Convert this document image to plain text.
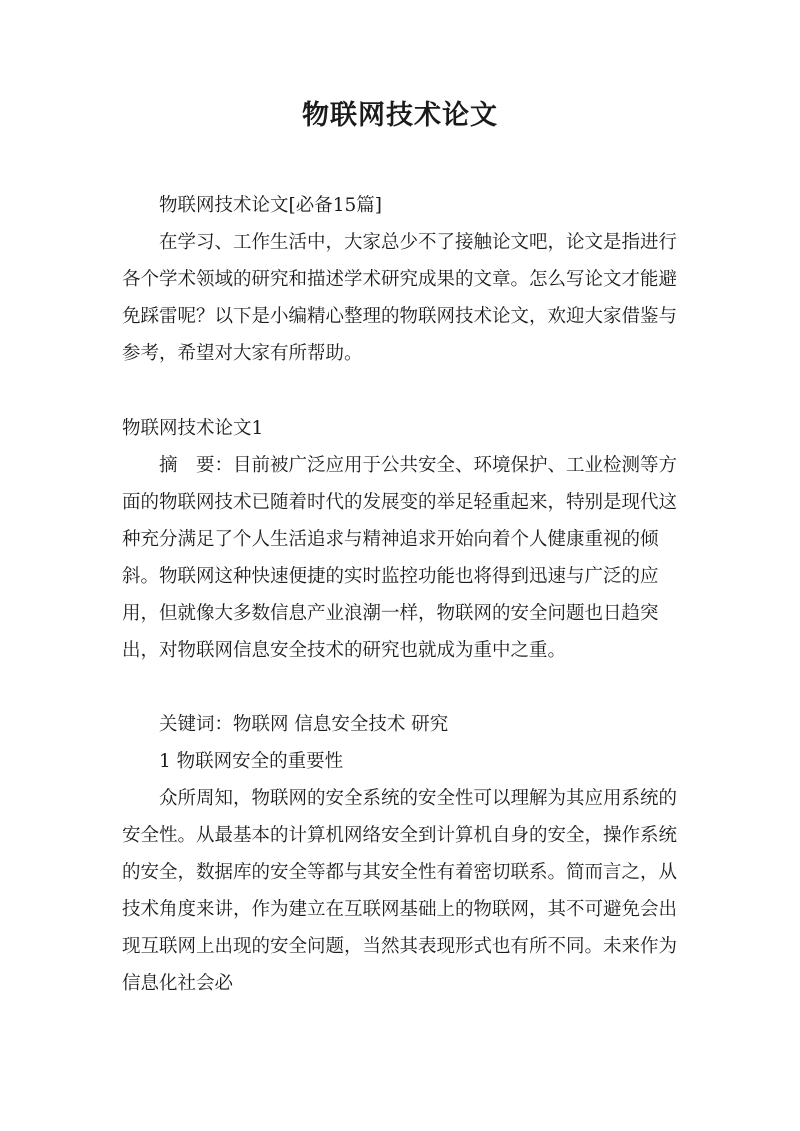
物联网技术论文

物联网技术论文[必备15篇]

在学习、工作生活中，大家总少不了接触论文吧，论文是指进行各个学术领域的研究和描述学术研究成果的文章。怎么写论文才能避免踩雷呢？以下是小编精心整理的物联网技术论文，欢迎大家借鉴与参考，希望对大家有所帮助。

物联网技术论文1

摘　要：目前被广泛应用于公共安全、环境保护、工业检测等方面的物联网技术已随着时代的发展变的举足轻重起来，特别是现代这种充分满足了个人生活追求与精神追求开始向着个人健康重视的倾斜。物联网这种快速便捷的实时监控功能也将得到迅速与广泛的应用，但就像大多数信息产业浪潮一样，物联网的安全问题也日趋突出，对物联网信息安全技术的研究也就成为重中之重。

关键词：物联网 信息安全技术 研究

1 物联网安全的重要性

众所周知，物联网的安全系统的安全性可以理解为其应用系统的安全性。从最基本的计算机网络安全到计算机自身的安全，操作系统的安全，数据库的安全等都与其安全性有着密切联系。简而言之，从技术角度来讲，作为建立在互联网基础上的物联网，其不可避免会出现互联网上出现的安全问题，当然其表现形式也有所不同。未来作为信息化社会必
